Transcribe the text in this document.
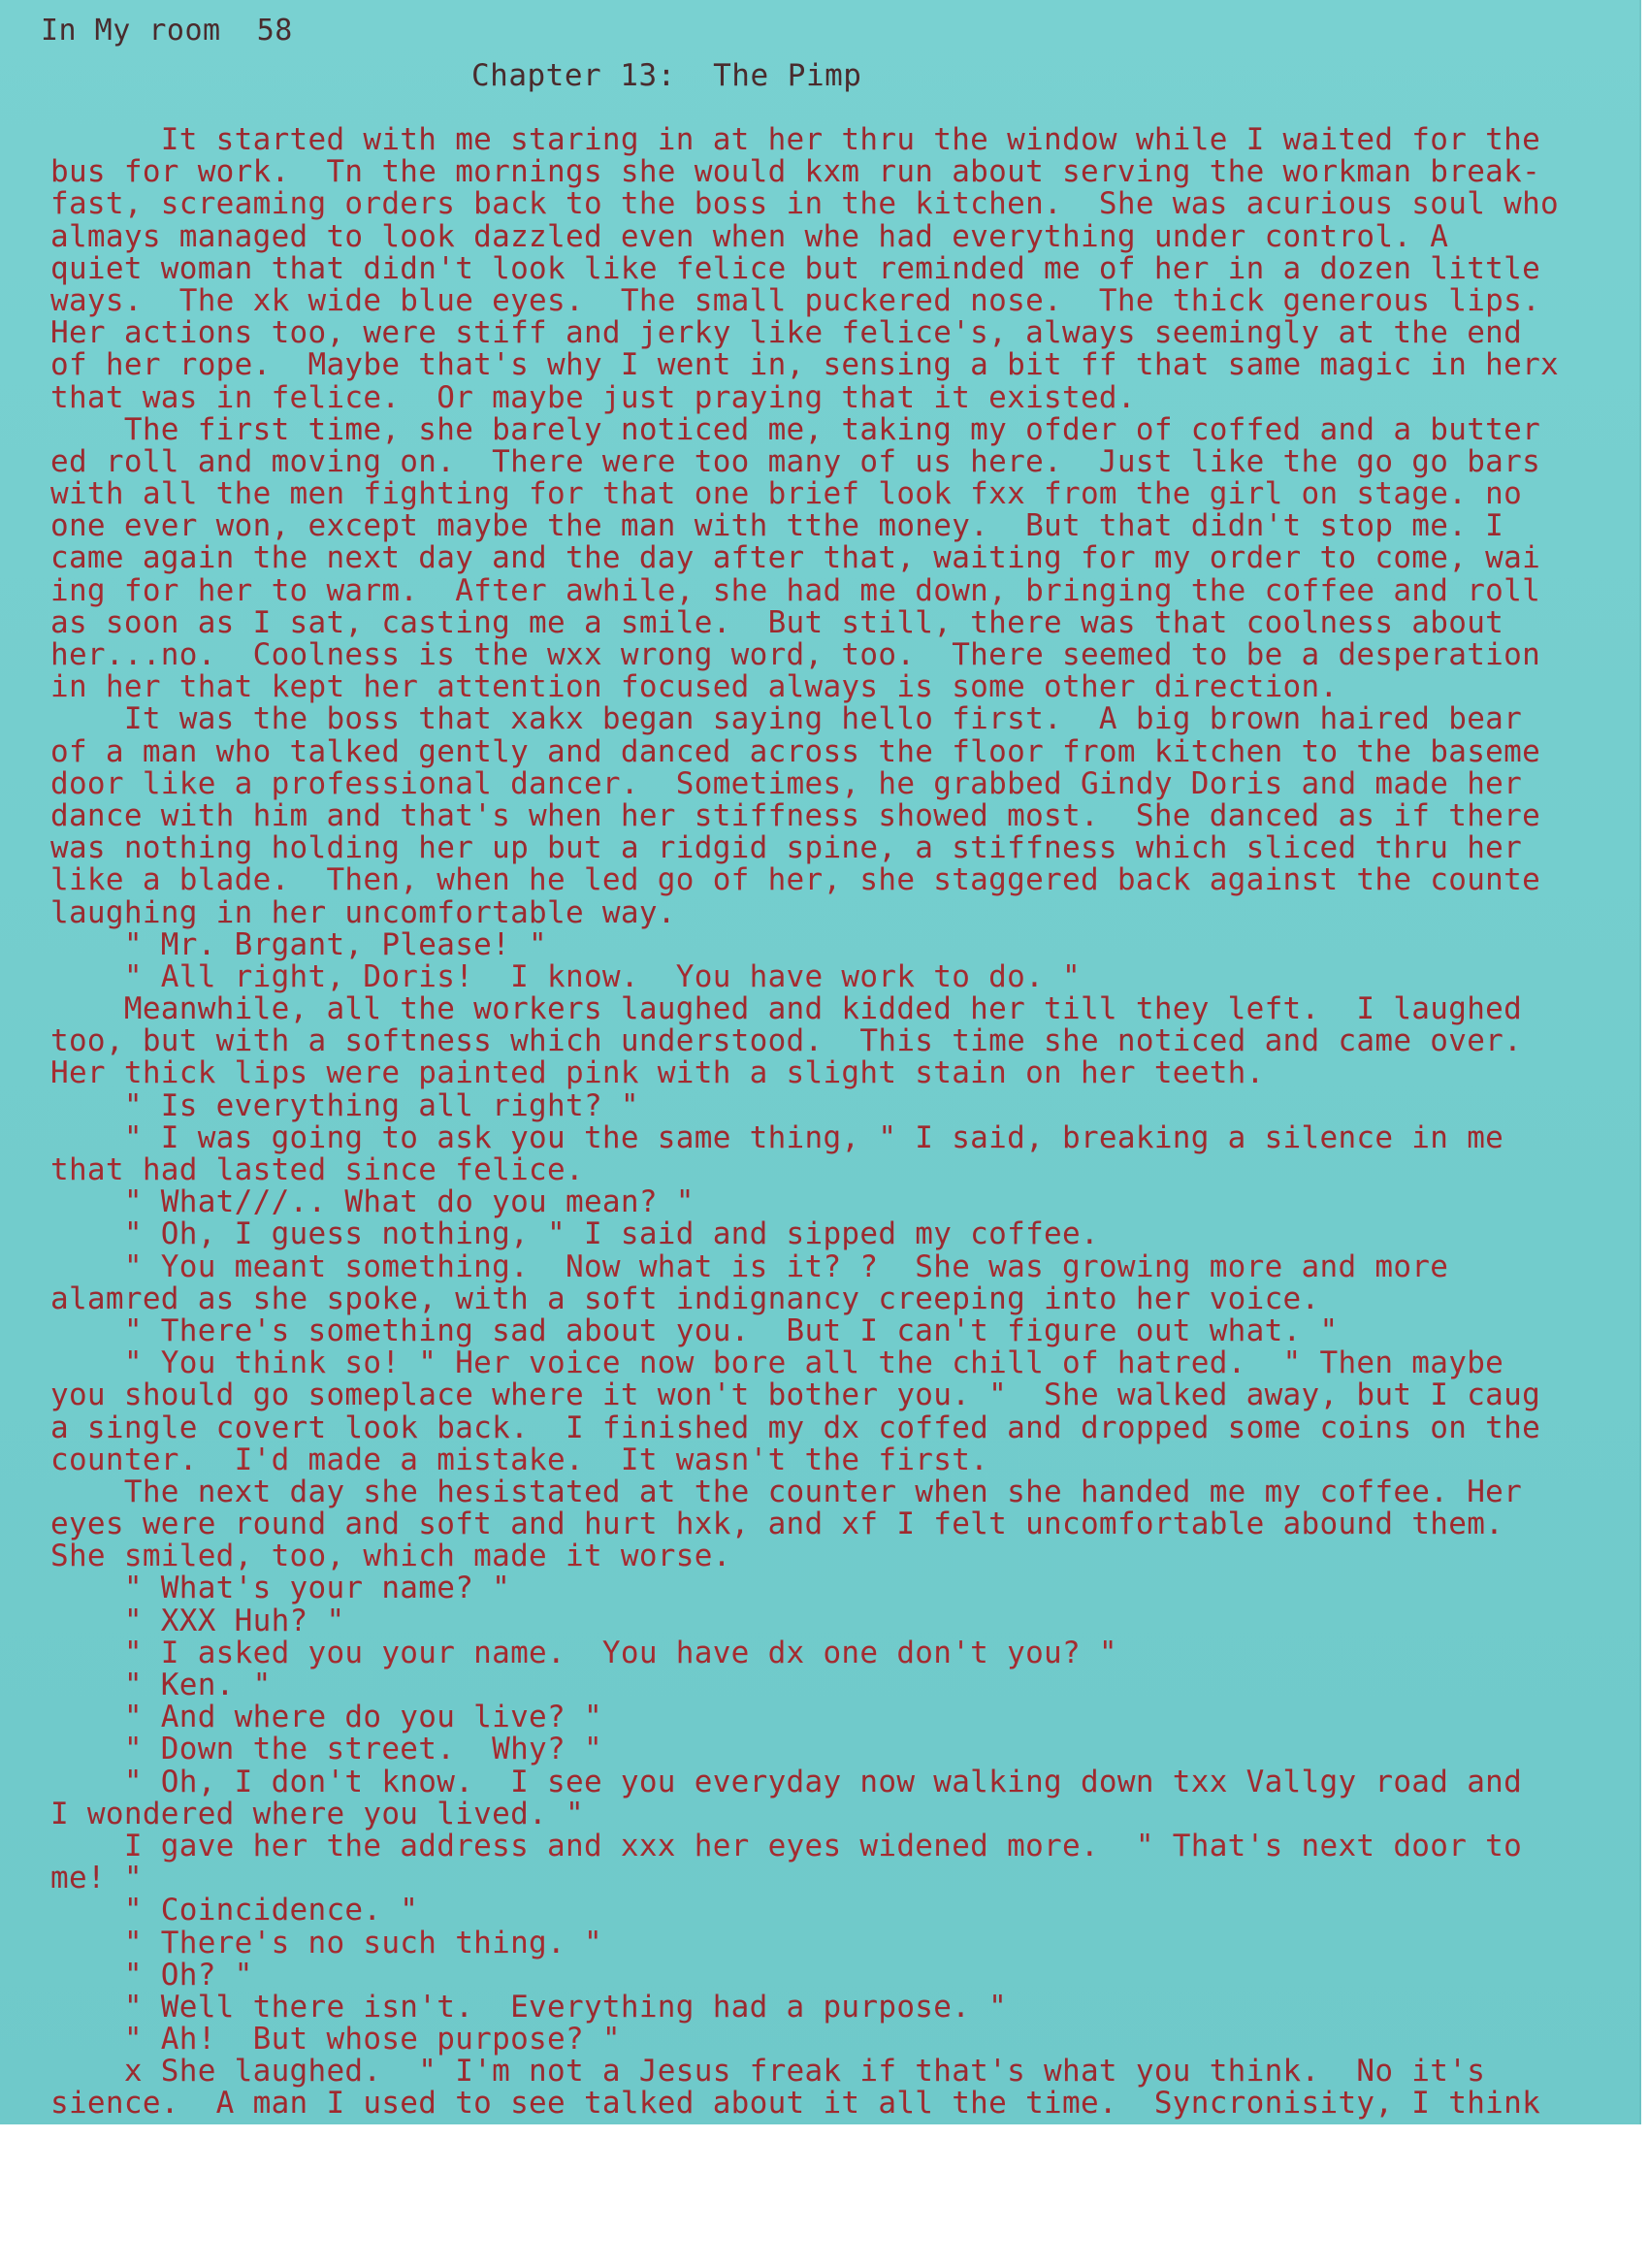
In My room  58
Chapter 13:  The Pimp
It started with me staring in at her thru the window while I waited for the
bus for work.  Tn the mornings she would kxm run about serving the workman break-
fast, screaming orders back to the boss in the kitchen.  She was acurious soul who
almays managed to look dazzled even when whe had everything under control. A
quiet woman that didn't look like felice but reminded me of her in a dozen little
ways.  The xk wide blue eyes.  The small puckered nose.  The thick generous lips.
Her actions too, were stiff and jerky like felice's, always seemingly at the end
of her rope.  Maybe that's why I went in, sensing a bit ff that same magic in herx
that was in felice.  Or maybe just praying that it existed.
The first time, she barely noticed me, taking my ofder of coffed and a butter
ed roll and moving on.  There were too many of us here.  Just like the go go bars
with all the men fighting for that one brief look fxx from the girl on stage. no
one ever won, except maybe the man with tthe money.  But that didn't stop me. I
came again the next day and the day after that, waiting for my order to come, wai
ing for her to warm.  After awhile, she had me down, bringing the coffee and roll
as soon as I sat, casting me a smile.  But still, there was that coolness about
her...no.  Coolness is the wxx wrong word, too.  There seemed to be a desperation
in her that kept her attention focused always is some other direction.
It was the boss that xakx began saying hello first.  A big brown haired bear
of a man who talked gently and danced across the floor from kitchen to the baseme
door like a professional dancer.  Sometimes, he grabbed Gindy Doris and made her
dance with him and that's when her stiffness showed most.  She danced as if there
was nothing holding her up but a ridgid spine, a stiffness which sliced thru her
like a blade.  Then, when he led go of her, she staggered back against the counte
laughing in her uncomfortable way.
" Mr. Brgant, Please! "
" All right, Doris!  I know.  You have work to do. "
Meanwhile, all the workers laughed and kidded her till they left.  I laughed
too, but with a softness which understood.  This time she noticed and came over.
Her thick lips were painted pink with a slight stain on her teeth.
" Is everything all right? "
" I was going to ask you the same thing, " I said, breaking a silence in me
that had lasted since felice.
" What///.. What do you mean? "
" Oh, I guess nothing, " I said and sipped my coffee.
" You meant something.  Now what is it? ?  She was growing more and more
alamred as she spoke, with a soft indignancy creeping into her voice.
" There's something sad about you.  But I can't figure out what. "
" You think so! " Her voice now bore all the chill of hatred.  " Then maybe
you should go someplace where it won't bother you. "  She walked away, but I caug
a single covert look back.  I finished my dx coffed and dropped some coins on the
counter.  I'd made a mistake.  It wasn't the first.
The next day she hesistated at the counter when she handed me my coffee. Her
eyes were round and soft and hurt hxk, and xf I felt uncomfortable abound them.
She smiled, too, which made it worse.
" What's your name? "
" XXX Huh? "
" I asked you your name.  You have dx one don't you? "
" Ken. "
" And where do you live? "
" Down the street.  Why? "
" Oh, I don't know.  I see you everyday now walking down txx Vallgy road and
I wondered where you lived. "
I gave her the address and xxx her eyes widened more.  " That's next door to
me! "
" Coincidence. "
" There's no such thing. "
" Oh? "
" Well there isn't.  Everything had a purpose. "
" Ah!  But whose purpose? "
x She laughed.  " I'm not a Jesus freak if that's what you think.  No it's
sience.  A man I used to see talked about it all the time.  Syncronisity, I think
